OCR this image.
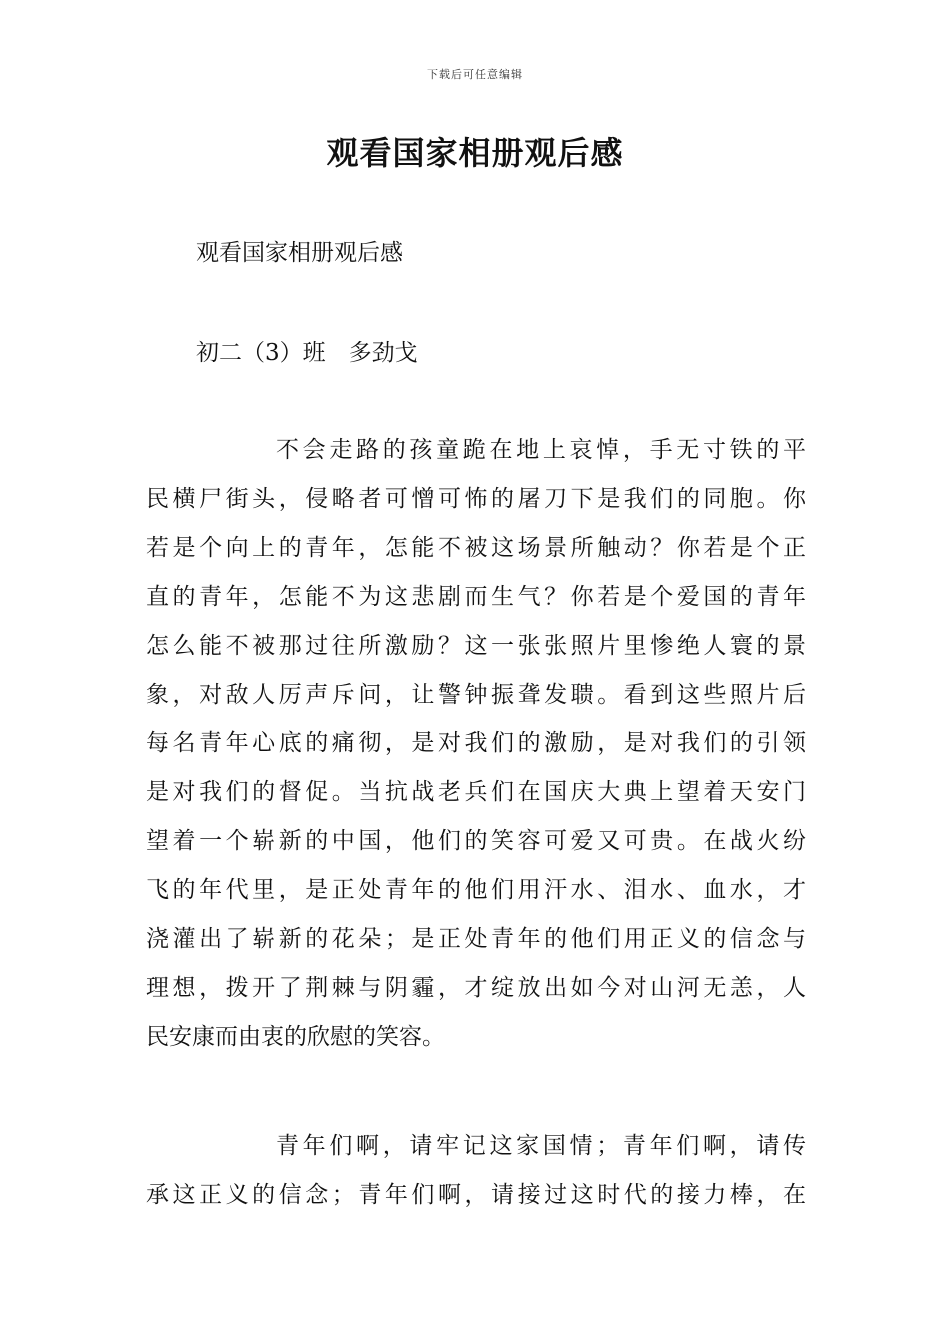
下载后可任意编辑
观看国家相册观后感
观看国家相册观后感
初二（3）班　多劲戈
不会走路的孩童跪在地上哀悼，手无寸铁的平
民横尸街头，侵略者可憎可怖的屠刀下是我们的同胞。你
若是个向上的青年，怎能不被这场景所触动？你若是个正
直的青年，怎能不为这悲剧而生气？你若是个爱国的青年
怎么能不被那过往所激励？这一张张照片里惨绝人寰的景
象，对敌人厉声斥问，让警钟振聋发聩。看到这些照片后
每名青年心底的痛彻，是对我们的激励，是对我们的引领
是对我们的督促。当抗战老兵们在国庆大典上望着天安门
望着一个崭新的中国，他们的笑容可爱又可贵。在战火纷
飞的年代里，是正处青年的他们用汗水、泪水、血水，才
浇灌出了崭新的花朵；是正处青年的他们用正义的信念与
理想，拨开了荆棘与阴霾，才绽放出如今对山河无恙，人
民安康而由衷的欣慰的笑容。
青年们啊，请牢记这家国情；青年们啊，请传
承这正义的信念；青年们啊，请接过这时代的接力棒，在
